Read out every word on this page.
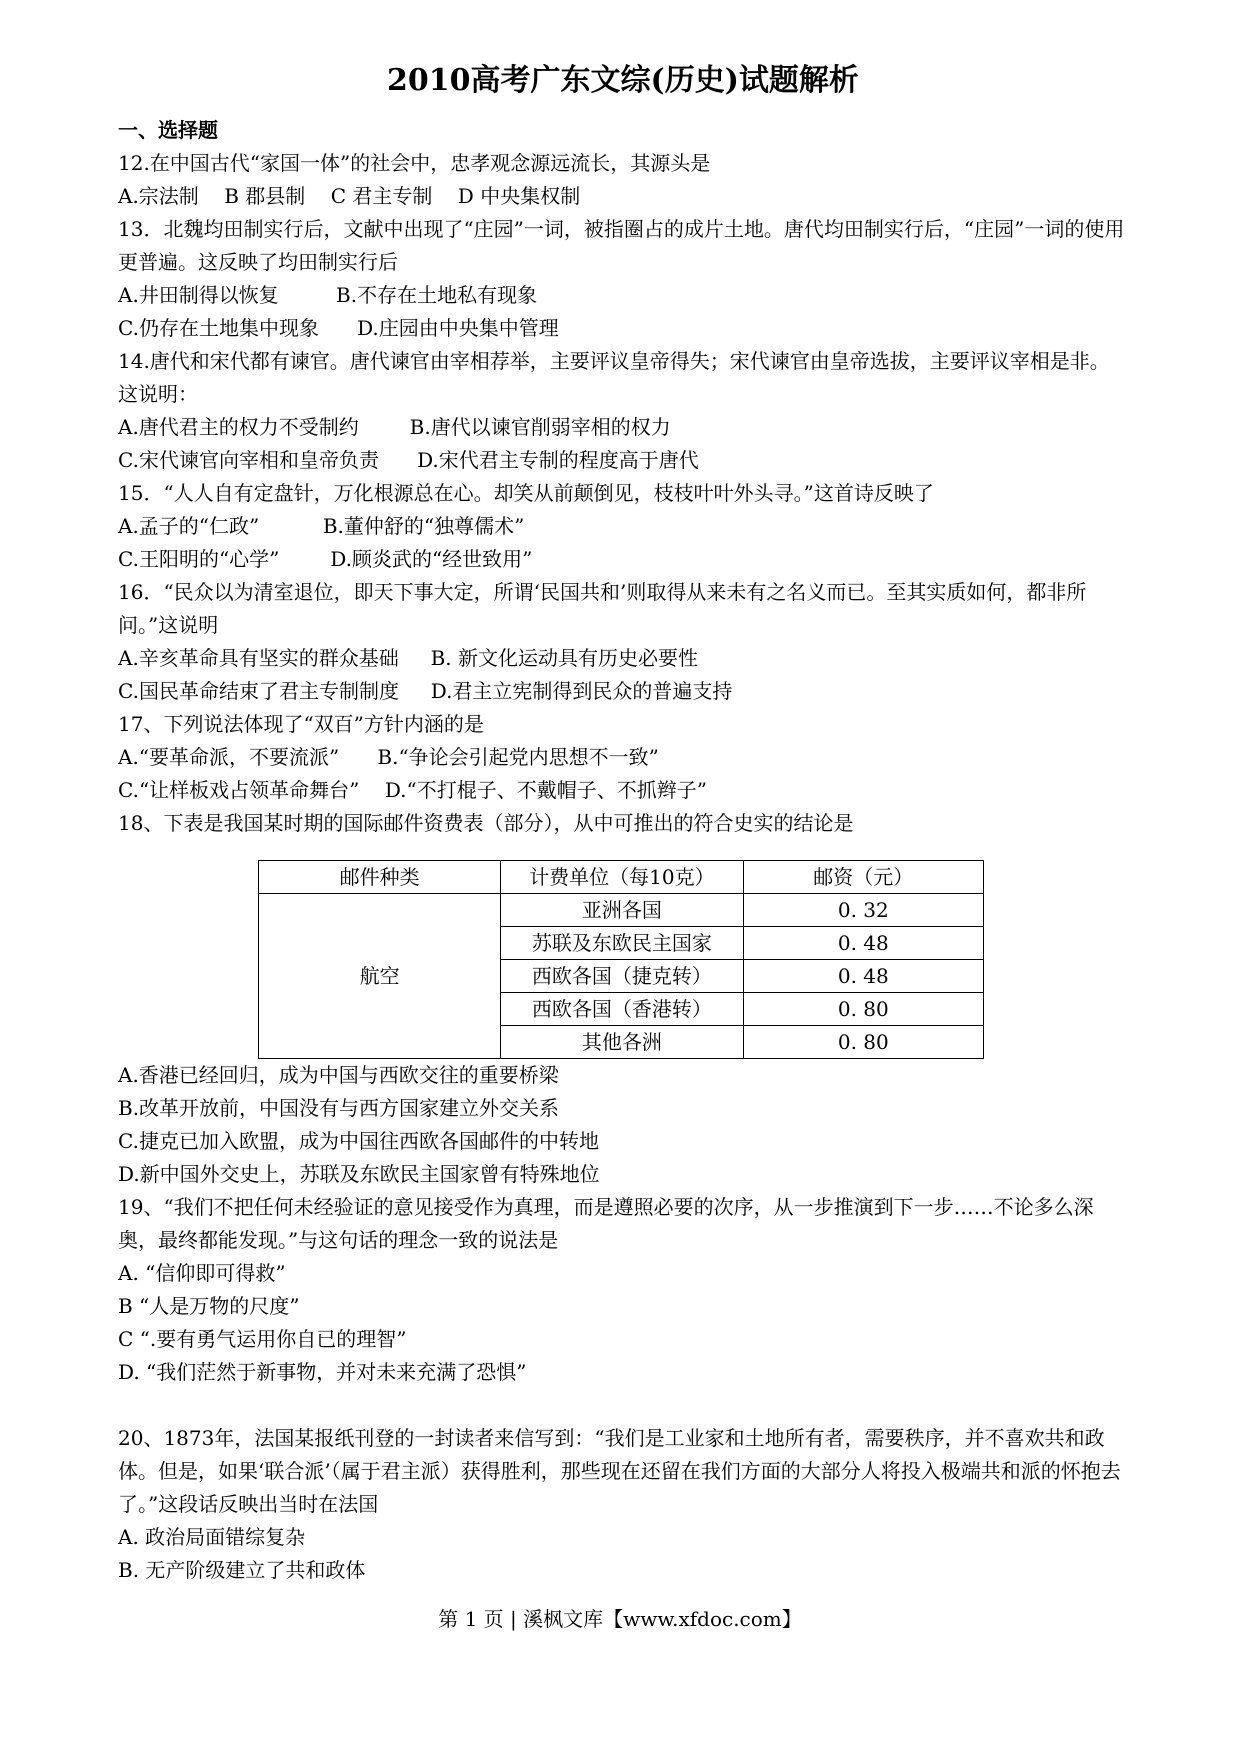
2010高考广东文综(历史)试题解析

一、选择题

12.在中国古代“家国一体”的社会中，忠孝观念源远流长，其源头是

A.宗法制    B 郡县制    C 君主专制    D 中央集权制

13．北魏均田制实行后，文献中出现了“庄园”一词，被指圈占的成片土地。唐代均田制实行后，“庄园”一词的使用更普遍。这反映了均田制实行后

A.井田制得以恢复	B.不存在土地私有现象

C.仍存在土地集中现象 D.庄园由中央集中管理

14.唐代和宋代都有谏官。唐代谏官由宰相荐举，主要评议皇帝得失；宋代谏官由皇帝选拔，主要评议宰相是非。这说明：

A.唐代君主的权力不受制约	B.唐代以谏官削弱宰相的权力

C.宋代谏官向宰相和皇帝负责 D.宋代君主专制的程度高于唐代

15．“人人自有定盘针，万化根源总在心。却笑从前颠倒见，枝枝叶叶外头寻。”这首诗反映了

A.孟子的“仁政”	B.董仲舒的“独尊儒术”

C.王阳明的“心学”	D.顾炎武的“经世致用”

16．“民众以为清室退位，即天下事大定，所谓‘民国共和’则取得从来未有之名义而已。至其实质如何，都非所问。”这说明

A.辛亥革命具有坚实的群众基础 B. 新文化运动具有历史必要性

C.国民革命结束了君主专制制度 D.君主立宪制得到民众的普遍支持

17、下列说法体现了“双百”方针内涵的是

A.“要革命派，不要流派” B.“争论会引起党内思想不一致”

C.“让样板戏占领革命舞台” D.“不打棍子、不戴帽子、不抓辫子”

18、下表是我国某时期的国际邮件资费表（部分），从中可推出的符合史实的结论是

邮件种类	计费单位（每10克）	邮资（元）
航空	亚洲各国	0. 32
	苏联及东欧民主国家	0. 48
	西欧各国（捷克转）	0. 48
	西欧各国（香港转）	0. 80
	其他各洲	0. 80

A.香港已经回归，成为中国与西欧交往的重要桥梁

B.改革开放前，中国没有与西方国家建立外交关系

C.捷克已加入欧盟，成为中国往西欧各国邮件的中转地

D.新中国外交史上，苏联及东欧民主国家曾有特殊地位

19、“我们不把任何未经验证的意见接受作为真理，而是遵照必要的次序，从一步推演到下一步……不论多么深奥，最终都能发现。”与这句话的理念一致的说法是

A. “信仰即可得救”

B “人是万物的尺度”

C “.要有勇气运用你自已的理智”

D. “我们茫然于新事物，并对未来充满了恐惧”

20、1873年，法国某报纸刊登的一封读者来信写到：“我们是工业家和土地所有者，需要秩序，并不喜欢共和政体。但是，如果‘联合派’（属于君主派）获得胜利，那些现在还留在我们方面的大部分人将投入极端共和派的怀抱去了。”这段话反映出当时在法国

A. 政治局面错综复杂

B. 无产阶级建立了共和政体

第 1 页 | 溪枫文库【www.xfdoc.com】
